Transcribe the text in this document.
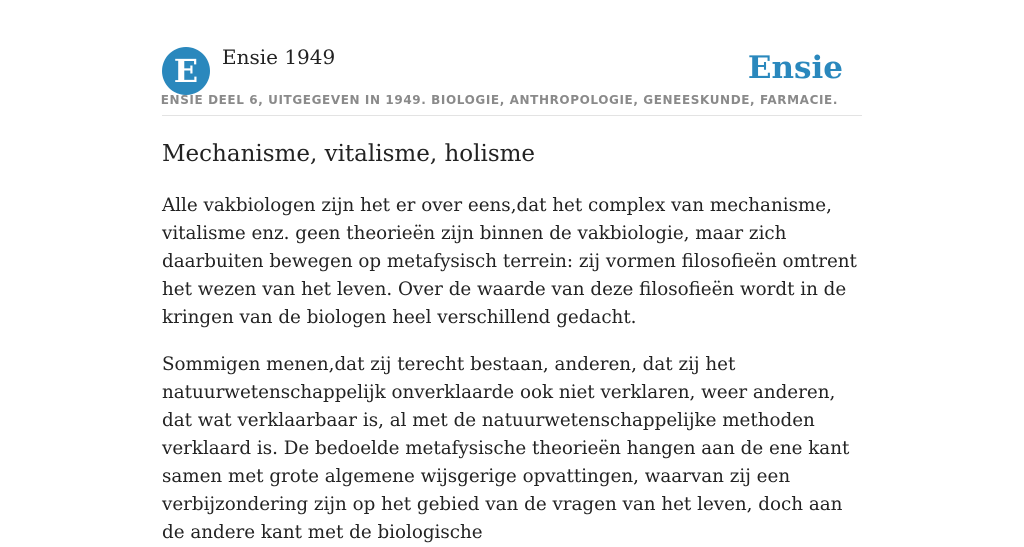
E	Ensie 1949	Ensie
ENSIE DEEL 6, UITGEGEVEN IN 1949. BIOLOGIE, ANTHROPOLOGIE, GENEESKUNDE, FARMACIE.
Mechanisme, vitalisme, holisme

Alle vakbiologen zijn het er over eens,dat het complex van mechanisme, vitalisme enz. geen theorieën zijn binnen de vakbiologie, maar zich daarbuiten bewegen op metafysisch terrein: zij vormen filosofieën omtrent het wezen van het leven. Over de waarde van deze filosofieën wordt in de kringen van de biologen heel verschillend gedacht.

Sommigen menen,dat zij terecht bestaan, anderen, dat zij het natuurwetenschappelijk onverklaarde ook niet verklaren, weer anderen, dat wat verklaarbaar is, al met de natuurwetenschappelijke methoden verklaard is. De bedoelde metafysische theorieën hangen aan de ene kant samen met grote algemene wijsgerige opvattingen, waarvan zij een verbijzondering zijn op het gebied van de vragen van het leven, doch aan de andere kant met de biologische
